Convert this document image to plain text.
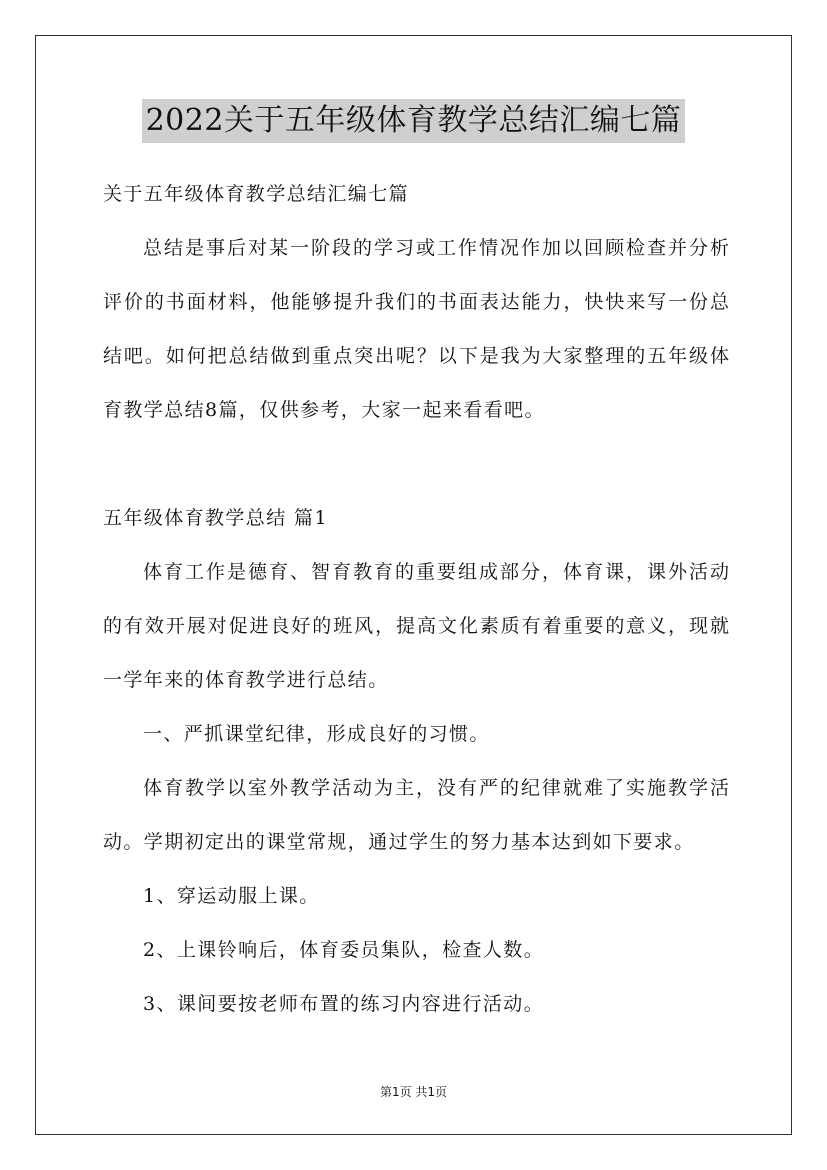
2022关于五年级体育教学总结汇编七篇
关于五年级体育教学总结汇编七篇
总结是事后对某一阶段的学习或工作情况作加以回顾检查并分析
评价的书面材料，他能够提升我们的书面表达能力，快快来写一份总
结吧。如何把总结做到重点突出呢？以下是我为大家整理的五年级体
育教学总结8篇，仅供参考，大家一起来看看吧。
五年级体育教学总结 篇1
体育工作是德育、智育教育的重要组成部分，体育课，课外活动
的有效开展对促进良好的班风，提高文化素质有着重要的意义，现就
一学年来的体育教学进行总结。
一、严抓课堂纪律，形成良好的习惯。
体育教学以室外教学活动为主，没有严的纪律就难了实施教学活
动。学期初定出的课堂常规，通过学生的努力基本达到如下要求。
1、穿运动服上课。
2、上课铃响后，体育委员集队，检查人数。
3、课间要按老师布置的练习内容进行活动。
第1页 共1页
